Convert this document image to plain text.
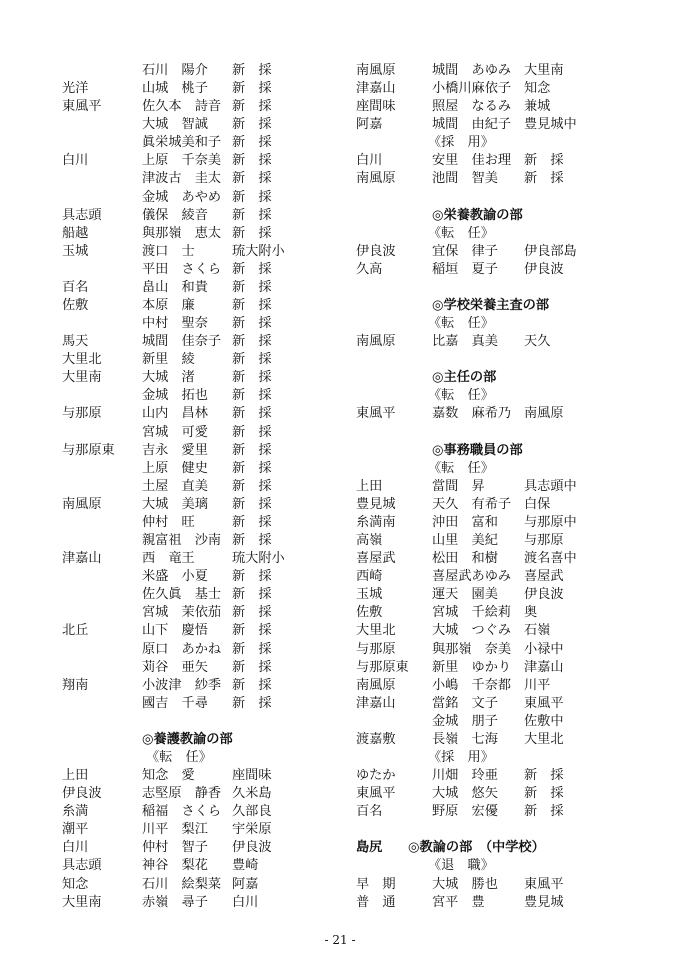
石川　陽介 新　採
光洋	山城　桃子 新　採
東風平	佐久本　詩音 新　採
大城　智誠 新　採
眞栄城美和子 新　採
白川	上原　千奈美 新　採
津波古　圭太 新　採
金城　あやめ 新　採
具志頭	儀保　綾音 新　採
船越	與那嶺　恵太 新　採
玉城	渡口　士	琉大附小
平田　さくら 新　採
百名	畠山　和貴 新　採
佐敷	本原　廉	新　採
中村　聖奈 新　採
馬天	城間　佳奈子 新　採
大里北	新里　綾	新　採
大里南	大城　渚	新　採
金城　拓也 新　採
与那原	山内　昌林 新　採
宮城　可愛 新　採
与那原東 吉永　愛里 新　採
上原　健史 新　採
土屋　直美 新　採
南風原	大城　美璃 新　採
仲村　旺	新　採
親富祖　沙南 新　採
津嘉山	西　竜王	琉大附小
米盛　小夏 新　採
佐久眞　基士 新　採
宮城　茉依茄 新　採
北丘	山下　慶悟 新　採
原口　あかね 新　採
苅谷　亜矢 新　採
翔南	小波津　紗季 新　採
國吉　千尋 新　採
◎養護教諭の部
《転　任》
上田	知念　愛	座間味
伊良波	志堅原　静香 久米島
糸満	稲福　さくら 久部良
潮平	川平　梨江 宇栄原
白川	仲村　智子 伊良波
具志頭	神谷　梨花 豊崎
知念	石川　絵梨菜 阿嘉
大里南	赤嶺　尋子 白川
南風原	城間　あゆみ 大里南
津嘉山	小橋川麻依子 知念
座間味	照屋　なるみ 兼城
阿嘉	城間　由紀子 豊見城中
《採　用》
白川	安里　佳お理 新　採
南風原	池間　智美 新　採
◎栄養教諭の部
《転　任》
伊良波	宜保　律子 伊良部島
久高	稲垣　夏子 伊良波
◎学校栄養主査の部
《転　任》
南風原	比嘉　真美 天久
◎主任の部
《転　任》
東風平	嘉数　麻希乃 南風原
◎事務職員の部
《転　任》
上田	當間　昇	具志頭中
豊見城	天久　有希子 白保
糸満南	沖田　富和 与那原中
高嶺	山里　美紀 与那原
喜屋武	松田　和樹 渡名喜中
西崎	喜屋武あゆみ 喜屋武
玉城	運天　園美 伊良波
佐敷	宮城　千絵莉 奥
大里北	大城　つぐみ 石嶺
与那原	與那嶺　奈美 小禄中
与那原東 新里　ゆかり 津嘉山
南風原	小嶋　千奈都 川平
津嘉山	當銘　文子 東風平
金城　朋子 佐敷中
渡嘉敷	長嶺　七海 大里北
《採　用》
ゆたか	川畑　玲亜 新　採
東風平	大城　悠矢 新　採
百名	野原　宏優 新　採
島尻 ◎教論の部　（中学校）
《退　職》
早　期	大城　勝也 東風平
普　通	宮平　豊	豊見城
- 21 -
